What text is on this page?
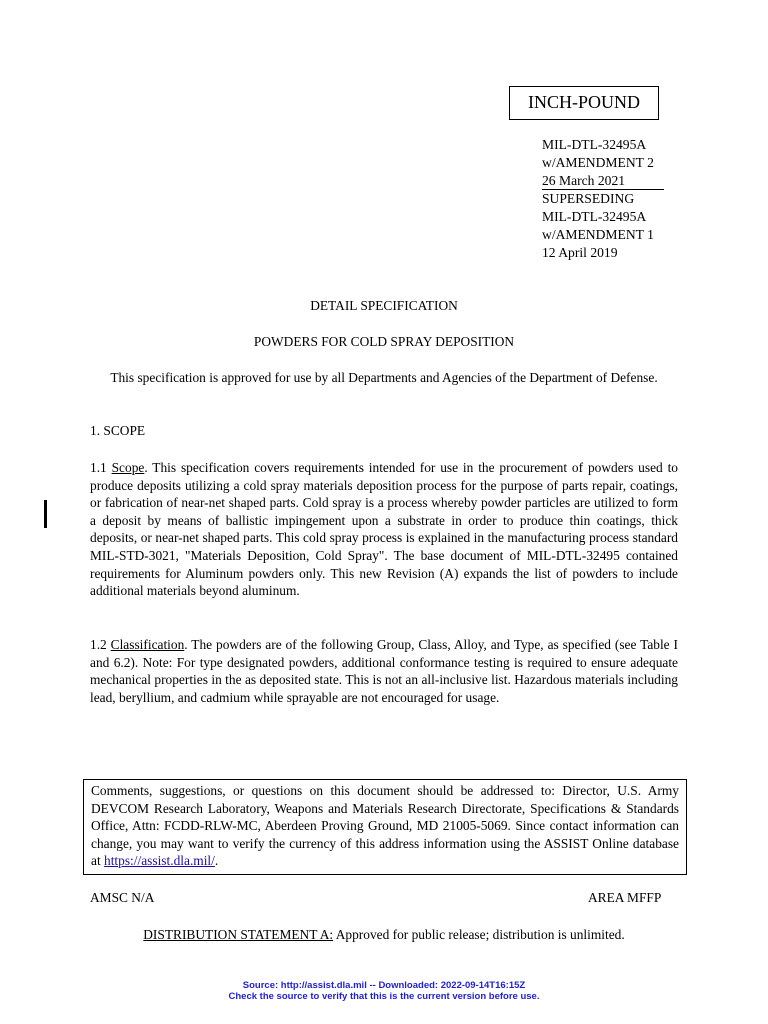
INCH-POUND
MIL-DTL-32495A
w/AMENDMENT 2
26 March 2021
SUPERSEDING
MIL-DTL-32495A
w/AMENDMENT 1
12 April 2019
DETAIL SPECIFICATION
POWDERS FOR COLD SPRAY DEPOSITION
This specification is approved for use by all Departments and Agencies of the Department of Defense.
1. SCOPE
1.1 Scope. This specification covers requirements intended for use in the procurement of powders used to produce deposits utilizing a cold spray materials deposition process for the purpose of parts repair, coatings, or fabrication of near-net shaped parts. Cold spray is a process whereby powder particles are utilized to form a deposit by means of ballistic impingement upon a substrate in order to produce thin coatings, thick deposits, or near-net shaped parts. This cold spray process is explained in the manufacturing process standard MIL-STD-3021, "Materials Deposition, Cold Spray". The base document of MIL-DTL-32495 contained requirements for Aluminum powders only. This new Revision (A) expands the list of powders to include additional materials beyond aluminum.
1.2 Classification. The powders are of the following Group, Class, Alloy, and Type, as specified (see Table I and 6.2). Note: For type designated powders, additional conformance testing is required to ensure adequate mechanical properties in the as deposited state. This is not an all-inclusive list. Hazardous materials including lead, beryllium, and cadmium while sprayable are not encouraged for usage.
Comments, suggestions, or questions on this document should be addressed to: Director, U.S. Army DEVCOM Research Laboratory, Weapons and Materials Research Directorate, Specifications & Standards Office, Attn: FCDD-RLW-MC, Aberdeen Proving Ground, MD 21005-5069. Since contact information can change, you may want to verify the currency of this address information using the ASSIST Online database at https://assist.dla.mil/.
AMSC N/A	AREA MFFP
DISTRIBUTION STATEMENT A: Approved for public release; distribution is unlimited.
Source: http://assist.dla.mil -- Downloaded: 2022-09-14T16:15Z
Check the source to verify that this is the current version before use.
